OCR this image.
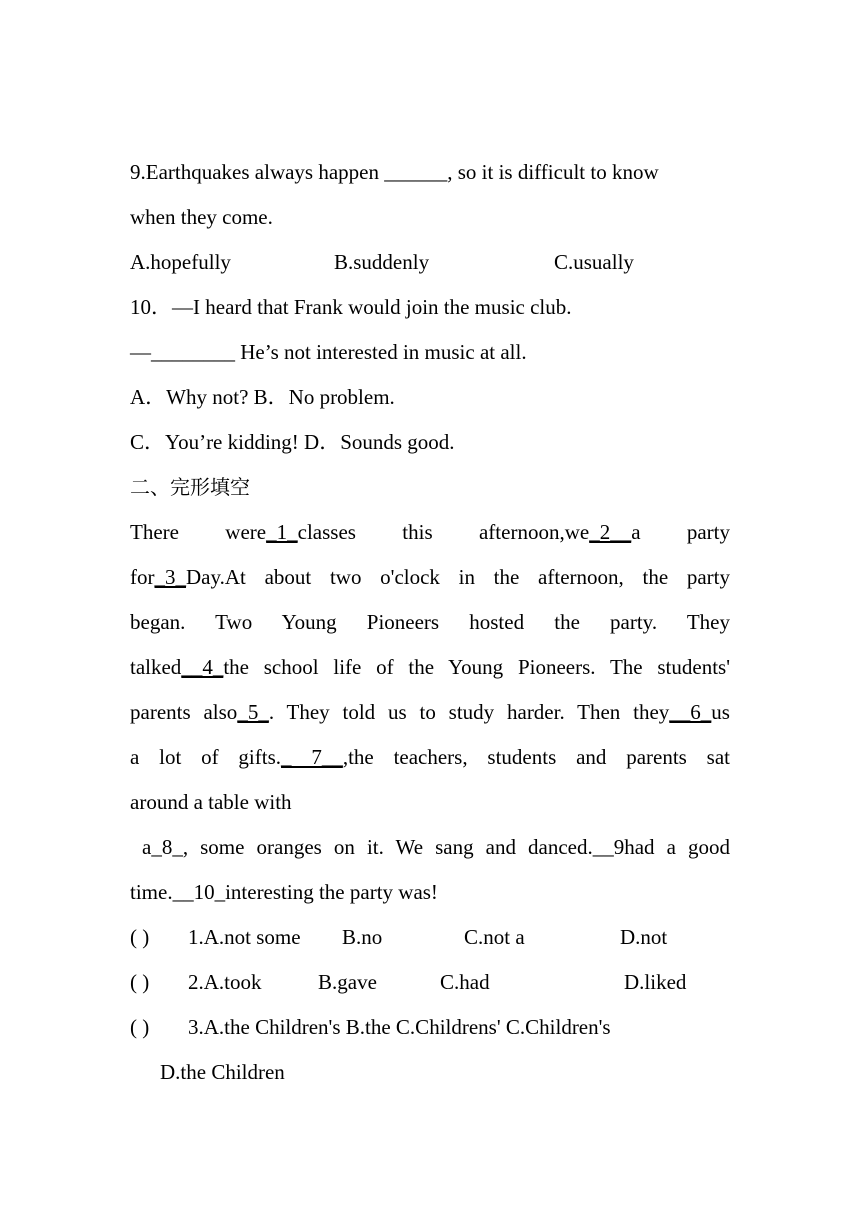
9.Earthquakes always happen ______, so it is difficult to know
when they come.
A.hopefully	B.suddenly	C.usually
10．—I heard that Frank would join the music club.
—________ He’s not interested in music at all.
A．Why not? B．No problem.
C．You’re kidding! D．Sounds good.
二、完形填空
There were_1_classes this afternoon,we_2__a party
for_3_Day.At about two o'clock in the afternoon, the party
began. Two Young Pioneers hosted the party. They
talked__4_the school life of the Young Pioneers. The students'
parents also_5_. They told us to study harder. Then they__6_us
a lot of gifts._ 7__,the teachers, students and parents sat
around a table with
a_8_, some oranges on it. We sang and danced.__9had a good
time.__10_interesting the party was!
( ) 1.A.not some B.no	C.not a	D.not
( ) 2.A.took	B.gave	C.had	D.liked
( ) 3.A.the Children's B.the C.Childrens' C.Children's
D.the Children
